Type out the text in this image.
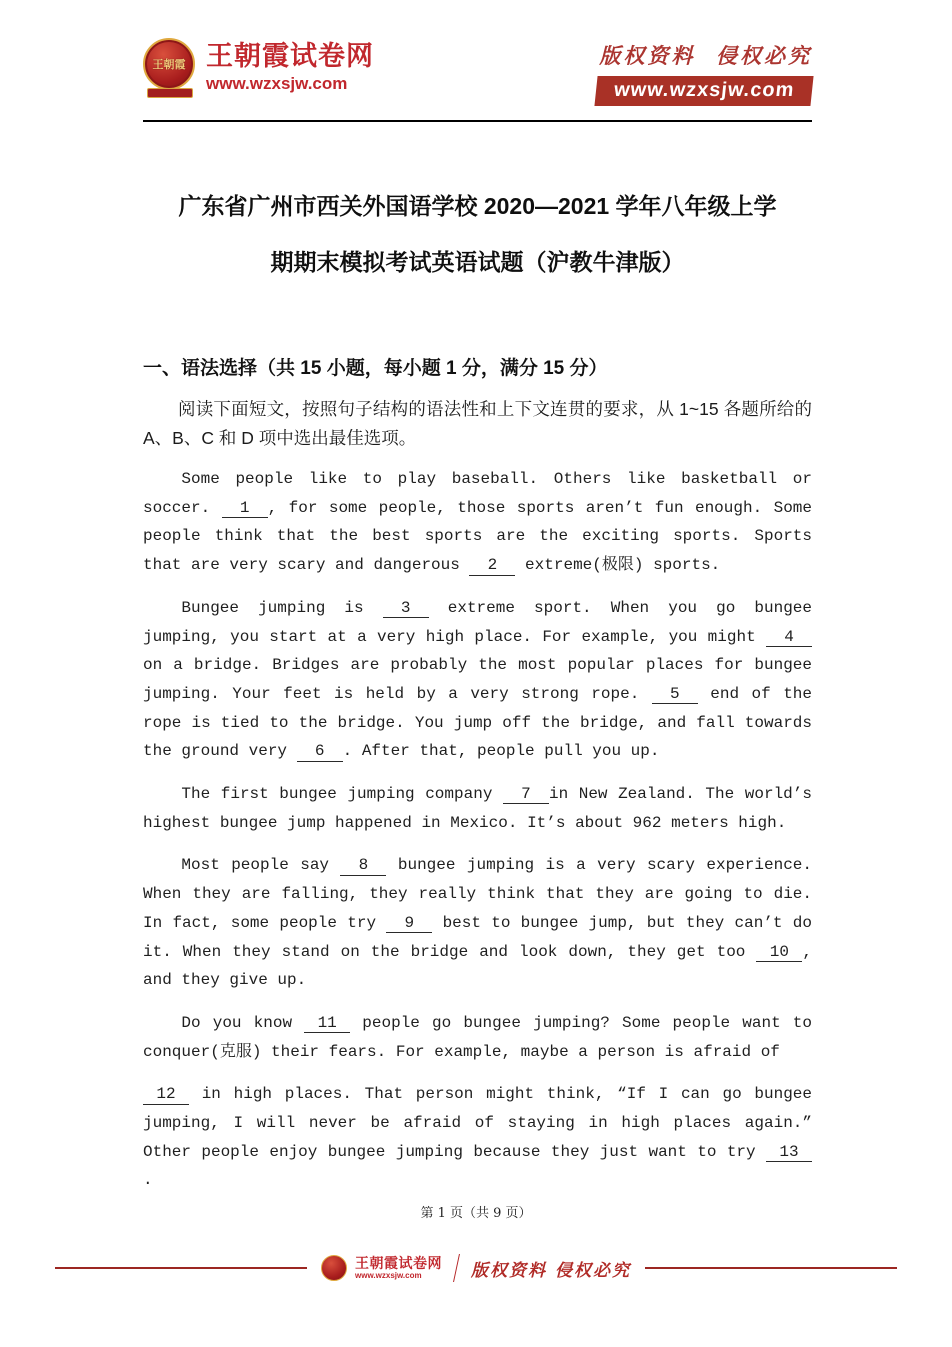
王朝霞 王朝霞试卷网
www.wzxsjw.com
版权资料  侵权必究
www.wzxsjw.com
广东省广州市西关外国语学校 2020—2021 学年八年级上学
期期末模拟考试英语试题（沪教牛津版）
一、语法选择（共 15 小题，每小题 1 分，满分 15 分）
阅读下面短文，按照句子结构的语法性和上下文连贯的要求，从 1~15 各题所给的 A、B、C 和 D 项中选出最佳选项。

Some people like to play baseball. Others like basketball or soccer. 1 , for some people, those sports aren’t fun enough. Some people think that the best sports are the exciting sports. Sports that are very scary and dangerous 2 extreme(极限) sports.

Bungee jumping is 3 extreme sport. When you go bungee jumping, you start at a very high place. For example, you might 4 on a bridge. Bridges are probably the most popular places for bungee jumping. Your feet is held by a very strong rope. 5 end of the rope is tied to the bridge. You jump off the bridge, and fall towards the ground very 6 . After that, people pull you up.

The first bungee jumping company 7 in New Zealand. The world’s highest bungee jump happened in Mexico. It’s about 962 meters high.

Most people say 8 bungee jumping is a very scary experience. When they are falling, they really think that they are going to die. In fact, some people try 9 best to bungee jump, but they can’t do it. When they stand on the bridge and look down, they get too 10 , and they give up.

Do you know 11 people go bungee jumping? Some people want to conquer(克服) their fears. For example, maybe a person is afraid of

12 in high places. That person might think, “If I can go bungee jumping, I will never be afraid of staying in high places again.” Other people enjoy bungee jumping because they just want to try 13.

第 1 页（共 9 页）
王朝霞试卷网
www.wzxsjw.com	版权资料 侵权必究
